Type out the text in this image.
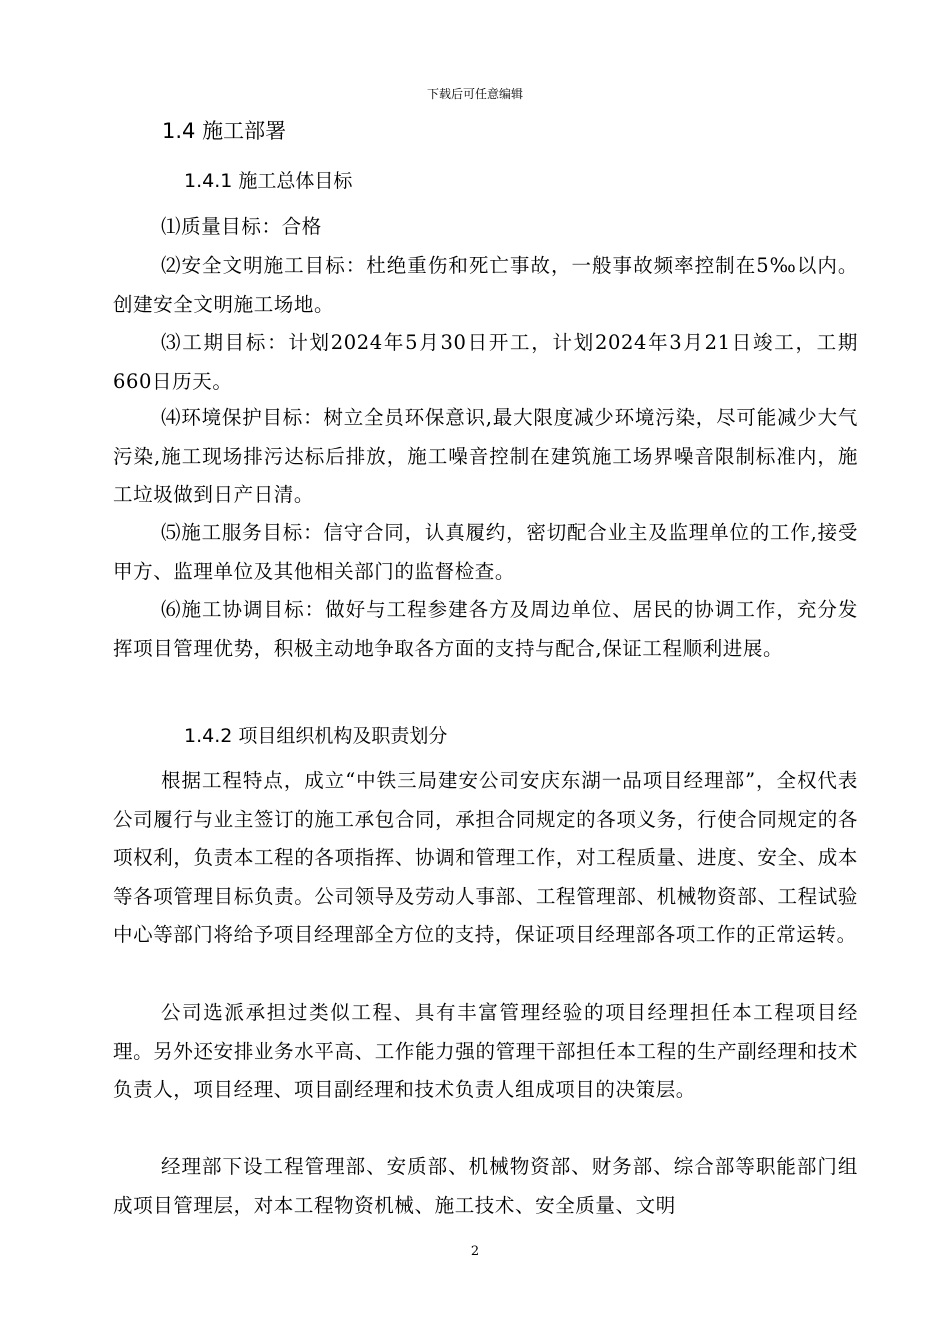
下载后可任意编辑
1.4 施工部署
1.4.1 施工总体目标

⑴质量目标：合格

⑵安全文明施工目标：杜绝重伤和死亡事故，一般事故频率控制在5‰以内。创建安全文明施工场地。

⑶工期目标：计划2024年5月30日开工，计划2024年3月21日竣工，工期660日历天。

⑷环境保护目标：树立全员环保意识,最大限度减少环境污染，尽可能减少大气污染,施工现场排污达标后排放，施工噪音控制在建筑施工场界噪音限制标准内，施工垃圾做到日产日清。

⑸施工服务目标：信守合同，认真履约，密切配合业主及监理单位的工作,接受甲方、监理单位及其他相关部门的监督检查。

⑹施工协调目标：做好与工程参建各方及周边单位、居民的协调工作，充分发挥项目管理优势，积极主动地争取各方面的支持与配合,保证工程顺利进展。

1.4.2 项目组织机构及职责划分

根据工程特点，成立“中铁三局建安公司安庆东湖一品项目经理部”，全权代表公司履行与业主签订的施工承包合同，承担合同规定的各项义务，行使合同规定的各项权利，负责本工程的各项指挥、协调和管理工作，对工程质量、进度、安全、成本等各项管理目标负责。公司领导及劳动人事部、工程管理部、机械物资部、工程试验中心等部门将给予项目经理部全方位的支持，保证项目经理部各项工作的正常运转。

公司选派承担过类似工程、具有丰富管理经验的项目经理担任本工程项目经理。另外还安排业务水平高、工作能力强的管理干部担任本工程的生产副经理和技术负责人，项目经理、项目副经理和技术负责人组成项目的决策层。

经理部下设工程管理部、安质部、机械物资部、财务部、综合部等职能部门组成项目管理层，对本工程物资机械、施工技术、安全质量、文明

2
